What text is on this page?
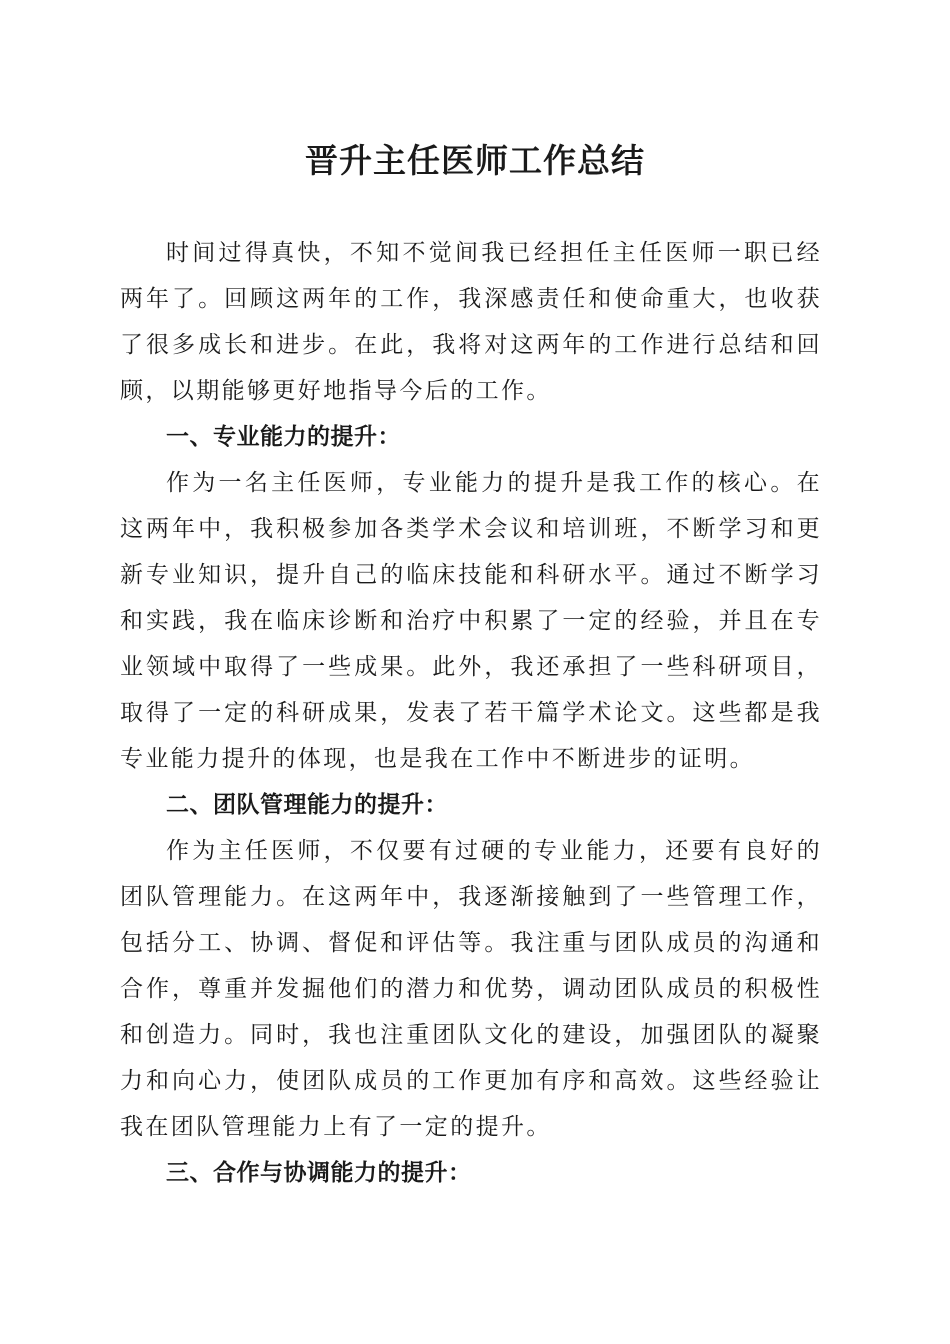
晋升主任医师工作总结

时间过得真快，不知不觉间我已经担任主任医师一职已经两年了。回顾这两年的工作，我深感责任和使命重大，也收获了很多成长和进步。在此，我将对这两年的工作进行总结和回顾，以期能够更好地指导今后的工作。

一、专业能力的提升：

作为一名主任医师，专业能力的提升是我工作的核心。在这两年中，我积极参加各类学术会议和培训班，不断学习和更新专业知识，提升自己的临床技能和科研水平。通过不断学习和实践，我在临床诊断和治疗中积累了一定的经验，并且在专业领域中取得了一些成果。此外，我还承担了一些科研项目，取得了一定的科研成果，发表了若干篇学术论文。这些都是我专业能力提升的体现，也是我在工作中不断进步的证明。

二、团队管理能力的提升：

作为主任医师，不仅要有过硬的专业能力，还要有良好的团队管理能力。在这两年中，我逐渐接触到了一些管理工作，包括分工、协调、督促和评估等。我注重与团队成员的沟通和合作，尊重并发掘他们的潜力和优势，调动团队成员的积极性和创造力。同时，我也注重团队文化的建设，加强团队的凝聚力和向心力，使团队成员的工作更加有序和高效。这些经验让我在团队管理能力上有了一定的提升。

三、合作与协调能力的提升：
